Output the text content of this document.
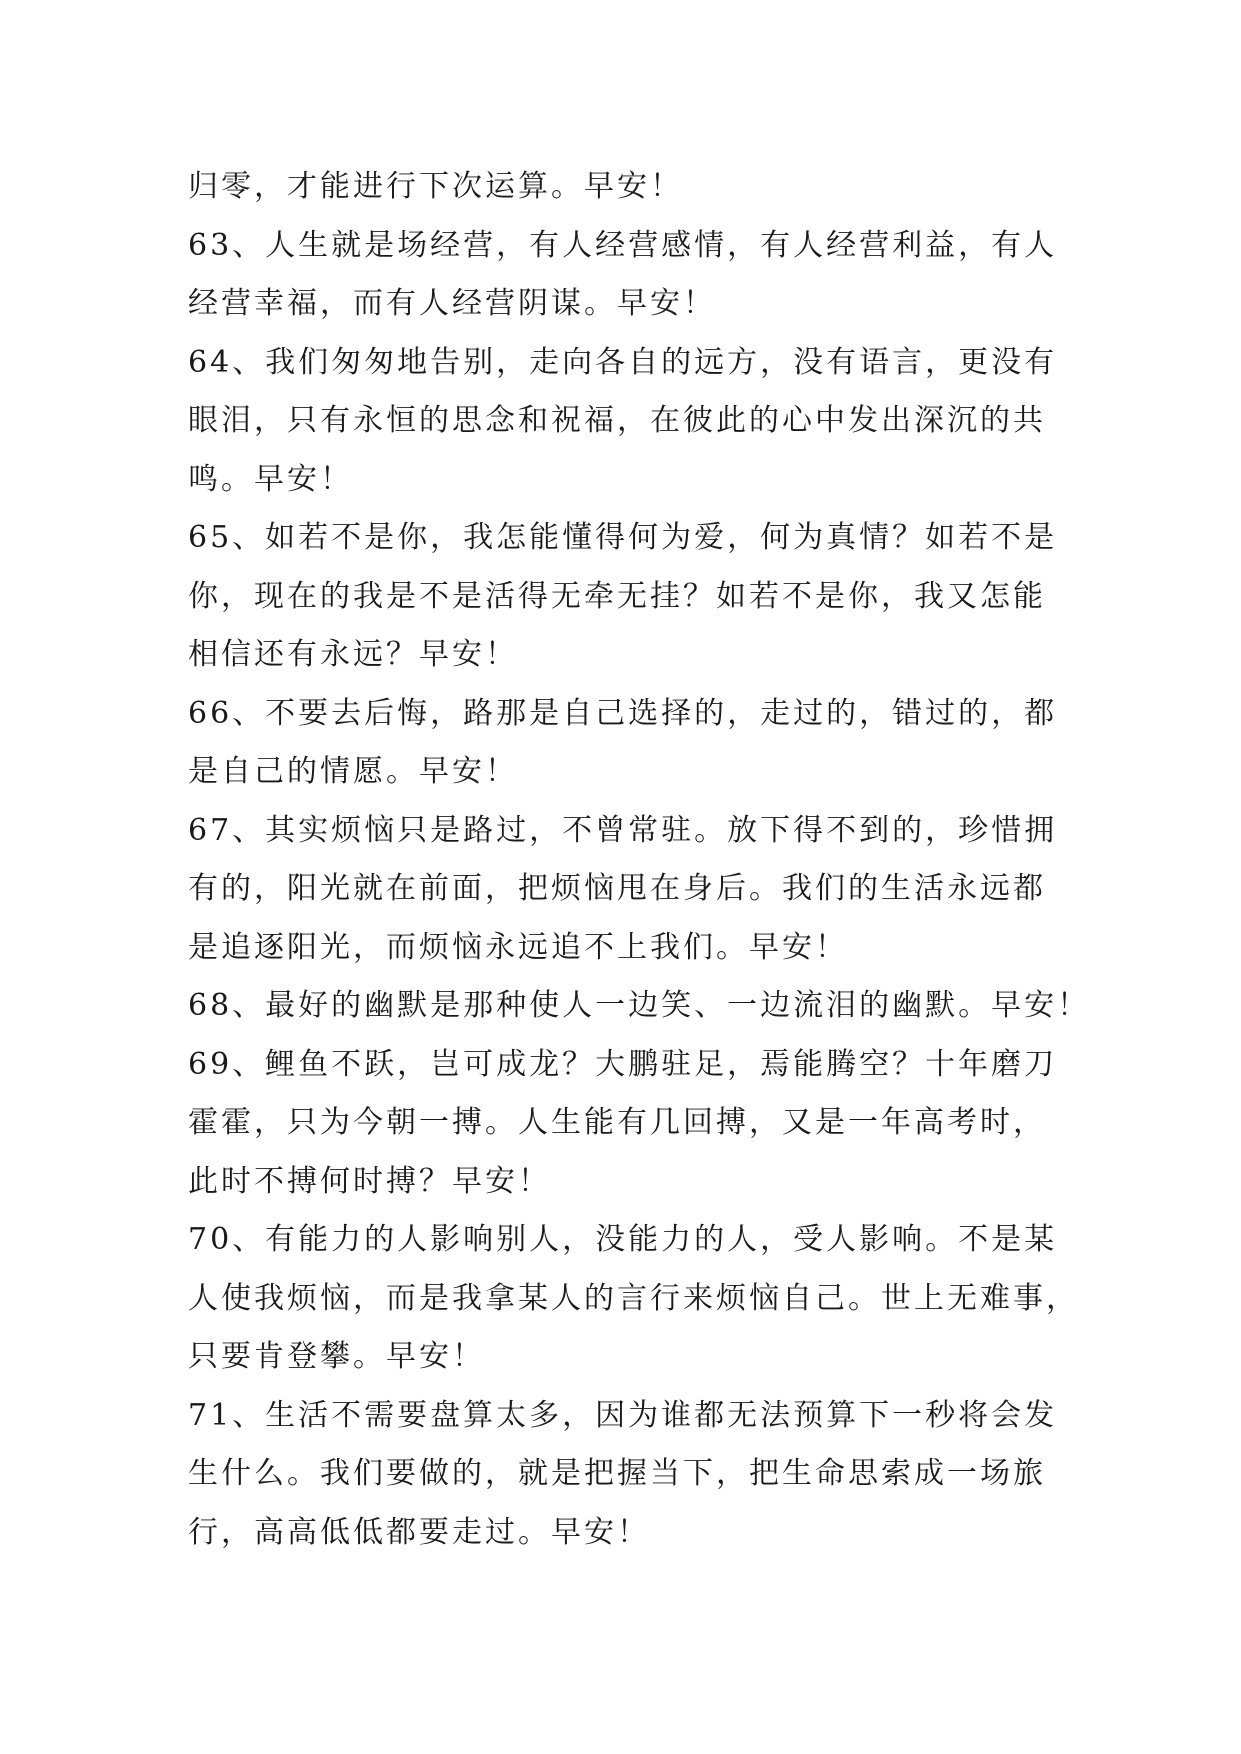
归零，才能进行下次运算。早安！
63、人生就是场经营，有人经营感情，有人经营利益，有人
经营幸福，而有人经营阴谋。早安！
64、我们匆匆地告别，走向各自的远方，没有语言，更没有
眼泪，只有永恒的思念和祝福，在彼此的心中发出深沉的共
鸣。早安！
65、如若不是你，我怎能懂得何为爱，何为真情？如若不是
你，现在的我是不是活得无牵无挂？如若不是你，我又怎能
相信还有永远？早安！
66、不要去后悔，路那是自己选择的，走过的，错过的，都
是自己的情愿。早安！
67、其实烦恼只是路过，不曾常驻。放下得不到的，珍惜拥
有的，阳光就在前面，把烦恼甩在身后。我们的生活永远都
是追逐阳光，而烦恼永远追不上我们。早安！
68、最好的幽默是那种使人一边笑、一边流泪的幽默。早安！
69、鲤鱼不跃，岂可成龙？大鹏驻足，焉能腾空？十年磨刀
霍霍，只为今朝一搏。人生能有几回搏，又是一年高考时，
此时不搏何时搏？早安！
70、有能力的人影响别人，没能力的人，受人影响。不是某
人使我烦恼，而是我拿某人的言行来烦恼自己。世上无难事，
只要肯登攀。早安！
71、生活不需要盘算太多，因为谁都无法预算下一秒将会发
生什么。我们要做的，就是把握当下，把生命思索成一场旅
行，高高低低都要走过。早安！
